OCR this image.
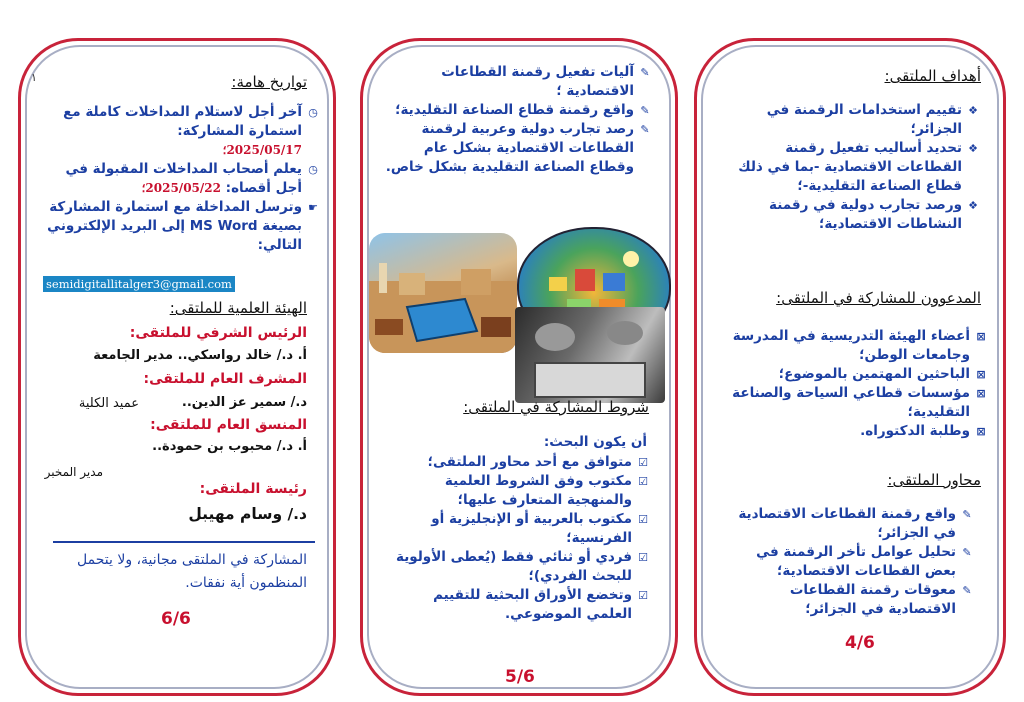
أهداف الملتقى:
❖
تقييم استخدامات الرقمنة في الجزائر؛
❖
تحديد أساليب تفعيل رقمنة القطاعات الاقتصادية -بما في ذلك قطاع الصناعة التقليدية-؛
❖
ورصد تجارب دولية في رقمنة النشاطات الاقتصادية؛
المدعوون للمشاركة في الملتقى:
⊠
أعضاء الهيئة التدريسية في المدرسة وجامعات الوطن؛
⊠
الباحثين المهتمين بالموضوع؛
⊠
مؤسسات قطاعي السياحة والصناعة التقليدية؛
⊠
وطلبة الدكتوراه.
محاور الملتقى:
✎
واقع رقمنة القطاعات الاقتصادية في الجزائر؛
✎
تحليل عوامل تأخر الرقمنة في بعض القطاعات الاقتصادية؛
✎
معوقات رقمنة القطاعات الاقتصادية في الجزائر؛
4/6
✎
آليات تفعيل رقمنة القطاعات الاقتصادية ؛
✎
واقع رقمنة قطاع الصناعة التقليدية؛
✎
رصد تجارب دولية وعربية لرقمنة القطاعات الاقتصادية بشكل عام وقطاع الصناعة التقليدية بشكل خاص.
شروط المشاركة في الملتقى:
أن يكون البحث:
☑
متوافق مع أحد محاور الملتقى؛
☑
مكتوب وفق الشروط العلمية والمنهجية المتعارف عليها؛
☑
مكتوب بالعربية أو الإنجليزية أو الفرنسية؛
☑
فردي أو ثنائي فقط (يُعطى الأولوية للبحث الفردي)؛
☑
وتخضع الأوراق البحثية للتقييم العلمي الموضوعي.
5/6
١	تواريخ هامة:
◷
آخر أجل لاستلام المداخلات كاملة مع استمارة المشاركة:
2025/05/17؛
◷
يعلم أصحاب المداخلات المقبولة في أجل أقصاه: 2025/05/22؛
☛
وترسل المداخلة مع استمارة المشاركة بصيغة MS Word إلى البريد الإلكتروني التالي:
semidigitallitalger3@gmail.com
الهيئة العلمية للملتقى:
الرئيس الشرفي للملتقى:
أ. د./ خالد رواسكي.. مدير الجامعة
المشرف العام للملتقى:
د./ سمير عز الدين..
عميد الكلية
المنسق العام للملتقى:
أ. د./ محبوب بن حمودة..
مدير المخبر
رئيسة الملتقى:
د./ وسام مهيبل
المشاركة في الملتقى مجانية، ولا يتحمل المنظمون أية نفقات.
6/6
